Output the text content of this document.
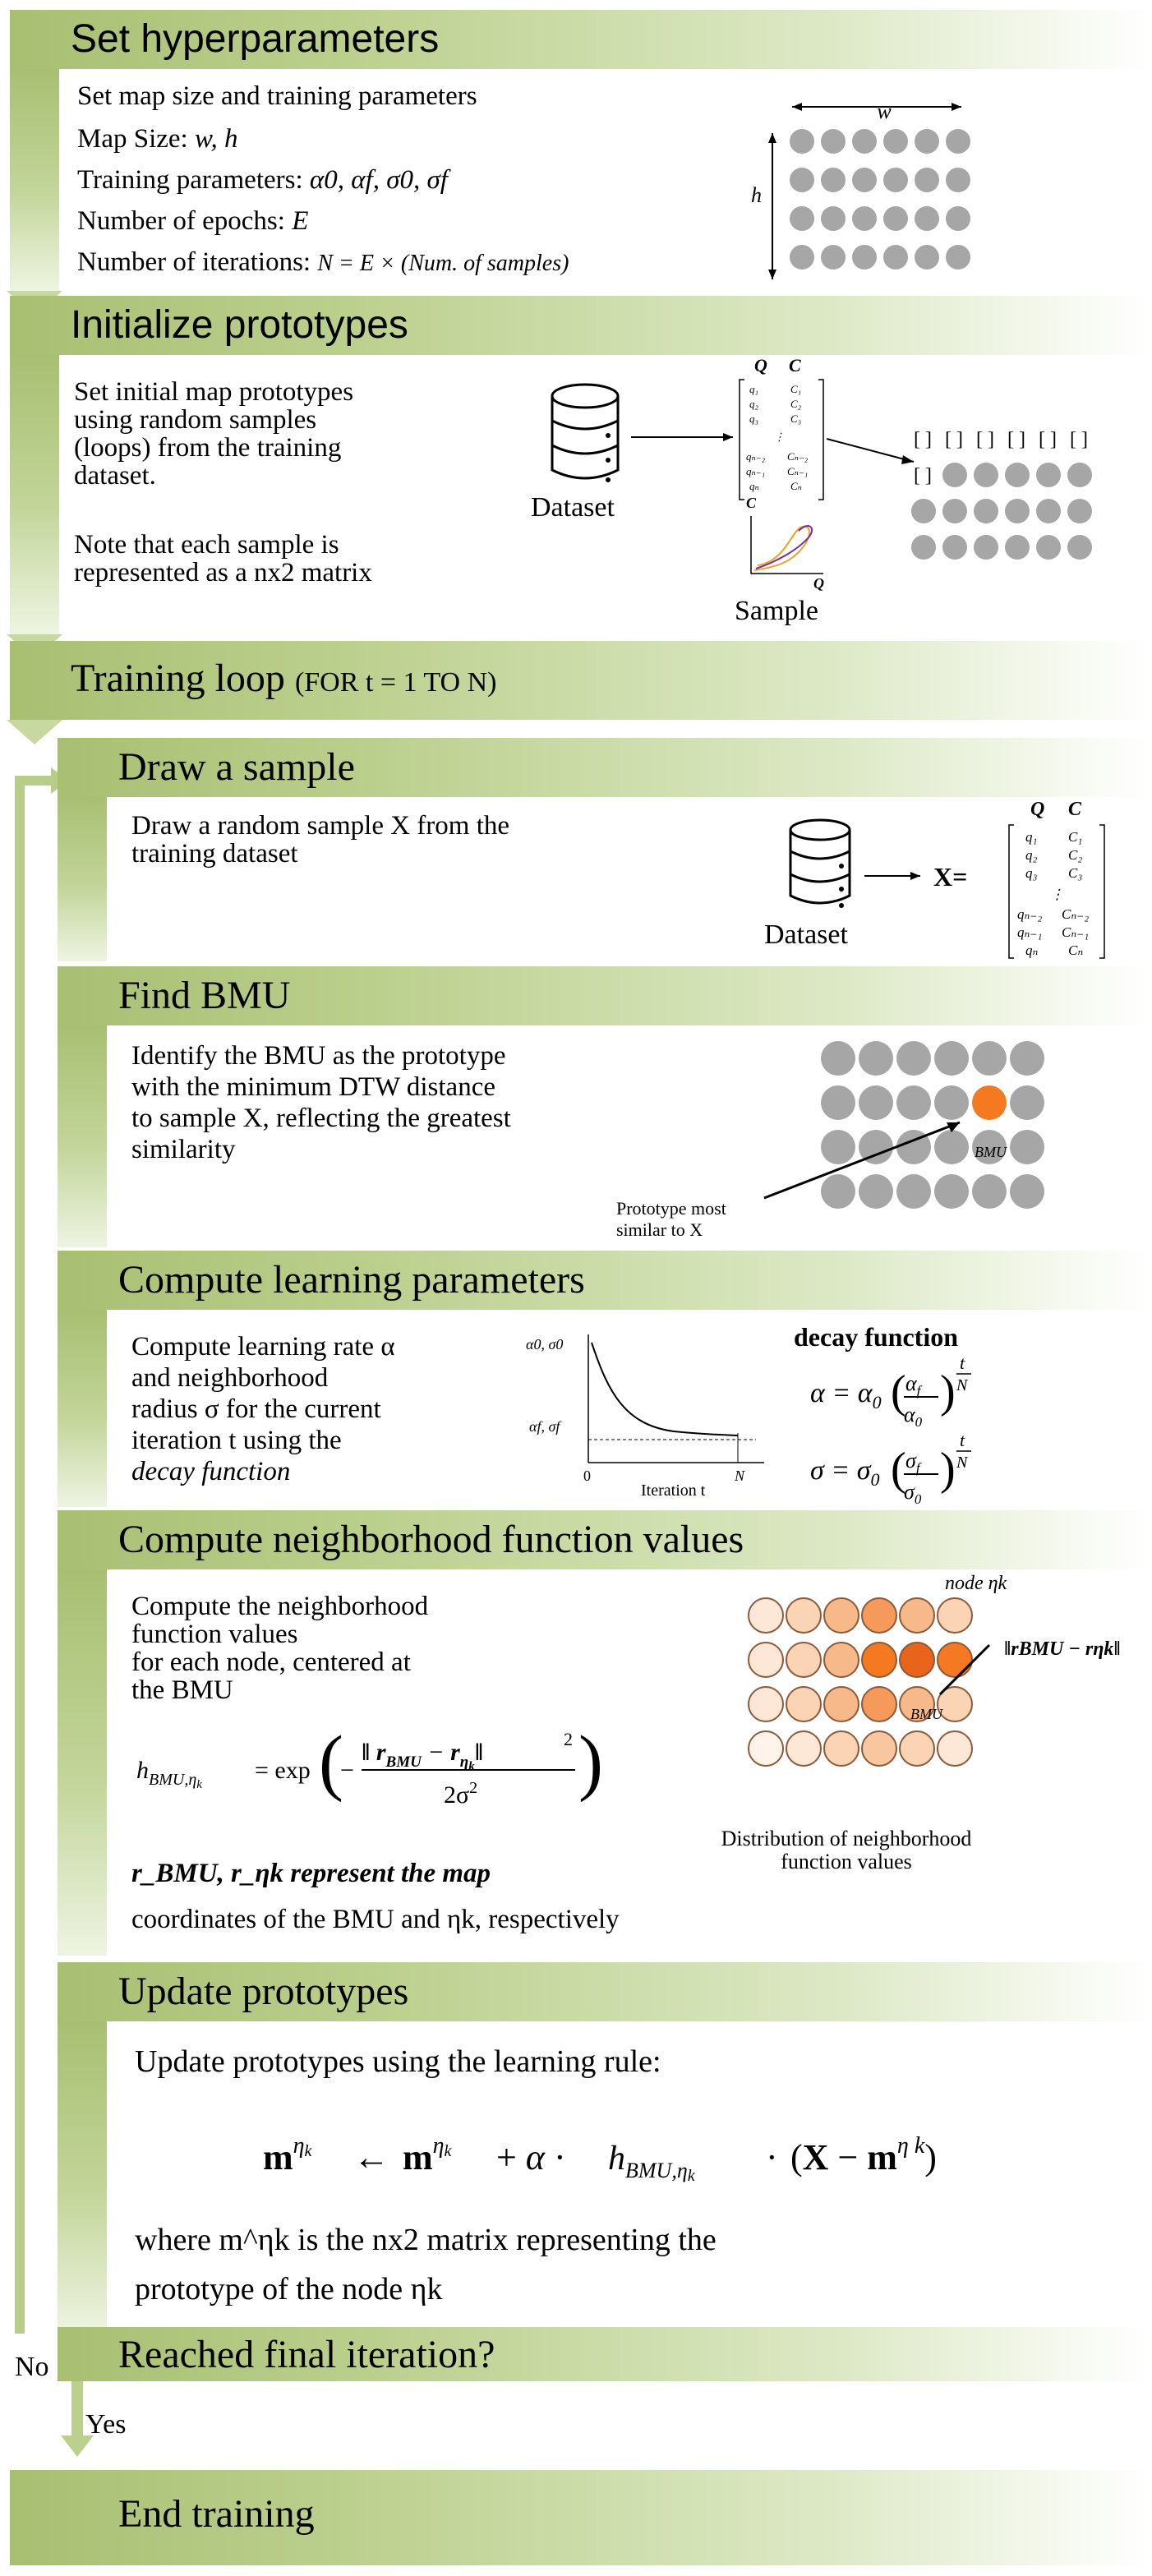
Set hyperparameters
Set map size and training parameters
Map Size: w, h
Training parameters: α0, αf, σ0, σf
Number of epochs: E
Number of iterations: N = E × (Num. of samples)
w
h
Initialize prototypes
Set initial map prototypes
using random samples
(loops) from the training
dataset.
Note that each sample is
represented as a nx2 matrix
Dataset
Q C
q₁	C₁
q₂	C₂
q₃	C₃
⋮
qₙ₋₂ Cₙ₋₂
qₙ₋₁ Cₙ₋₁
qₙ	Cₙ
C
Q
Sample
[ ] [ ] [ ] [ ] [ ] [ ]
[ ]
Training loop (FOR t = 1 TO N)
Draw a sample
Draw a random sample X from the
training dataset
Dataset
X=
Q C
q₁ C₁
q₂ C₂
q₃ C₃
⋮
qₙ₋₂ Cₙ₋₂
qₙ₋₁ Cₙ₋₁
qₙ Cₙ
Find BMU
Identify the BMU as the prototype
with the minimum DTW distance
to sample X, reflecting the greatest
similarity	BMU
Prototype most
similar to X
Compute learning parameters
Compute learning rate α
and neighborhood
radius σ for the current
iteration t using the
decay function
α0, σ0
αf, σf
0	N
Iteration t
decay function
$\alpha = \alpha_0$ ( $\alpha_f$
$\alpha_0$
)
t
N
$\sigma = \sigma_0$ ( $\sigma_f$
$\sigma_0$
)
t
N
Compute neighborhood function values
Compute the neighborhood
function values
for each node, centered at
the BMU
$h_{BMU,\eta_k}$
= exp (
−
‖ $r_{BMU}$ − $r_{\eta_k}‖$	2
$2\sigma^2$ )
r_BMU, r_ηk represent the map
coordinates of the BMU and ηk, respectively
node ηk
‖rBMU − rηk‖
BMU
Distribution of neighborhood
function values
Update prototypes
Update prototypes using the learning rule:
$m^{\eta k}$ ← $m^{\eta k} + \alpha \cdot h_{BMU,\eta k} \cdot (X - m^{\eta k})$
where m^ηk is the nx2 matrix representing the
prototype of the node ηk
Reached final iteration?
No
Yes
End training
